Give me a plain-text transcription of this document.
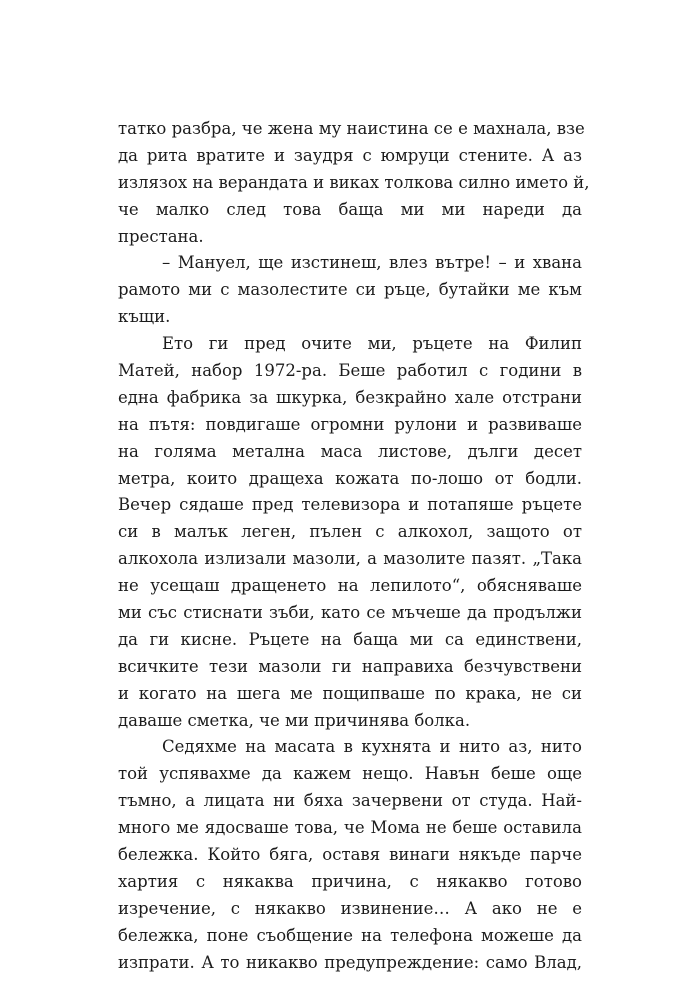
татко разбра, че жена му наистина се е махнала, взе
да рита вратите и заудря с юмруци стените. А аз
излязох на верандата и виках толкова силно името й,
че малко след това баща ми ми нареди да
престана.
– Мануел, ще изстинеш, влез вътре! – и хвана
рамото ми с мазолестите си ръце, бутайки ме към
къщи.
Ето ги пред очите ми, ръцете на Филип
Матей, набор 1972-ра. Беше работил с години в
една фабрика за шкурка, безкрайно хале отстрани
на пътя: повдигаше огромни рулони и развиваше
на голяма метална маса листове, дълги десет
метра, които дращеха кожата по-лошо от бодли.
Вечер сядаше пред телевизора и потапяше ръцете
си в малък леген, пълен с алкохол, защото от
алкохола излизали мазоли, а мазолите пазят. „Така
не усещаш дращенето на лепилото“, обясняваше
ми със стиснати зъби, като се мъчеше да продължи
да ги кисне. Ръцете на баща ми са единствени,
всичките тези мазоли ги направиха безчувствени
и когато на шега ме пощипваше по крака, не си
даваше сметка, че ми причинява болка.
Седяхме на масата в кухнята и нито аз, нито
той успявахме да кажем нещо. Навън беше още
тъмно, а лицата ни бяха зачервени от студа. Най-
много ме ядосваше това, че Мома не беше оставила
бележка. Който бяга, оставя винаги някъде парче
хартия с някаква причина, с някакво готово
изречение, с някакво извинение… А ако не е
бележка, поне съобщение на телефона можеше да
изпрати. А то никакво предупреждение: само Влад,
